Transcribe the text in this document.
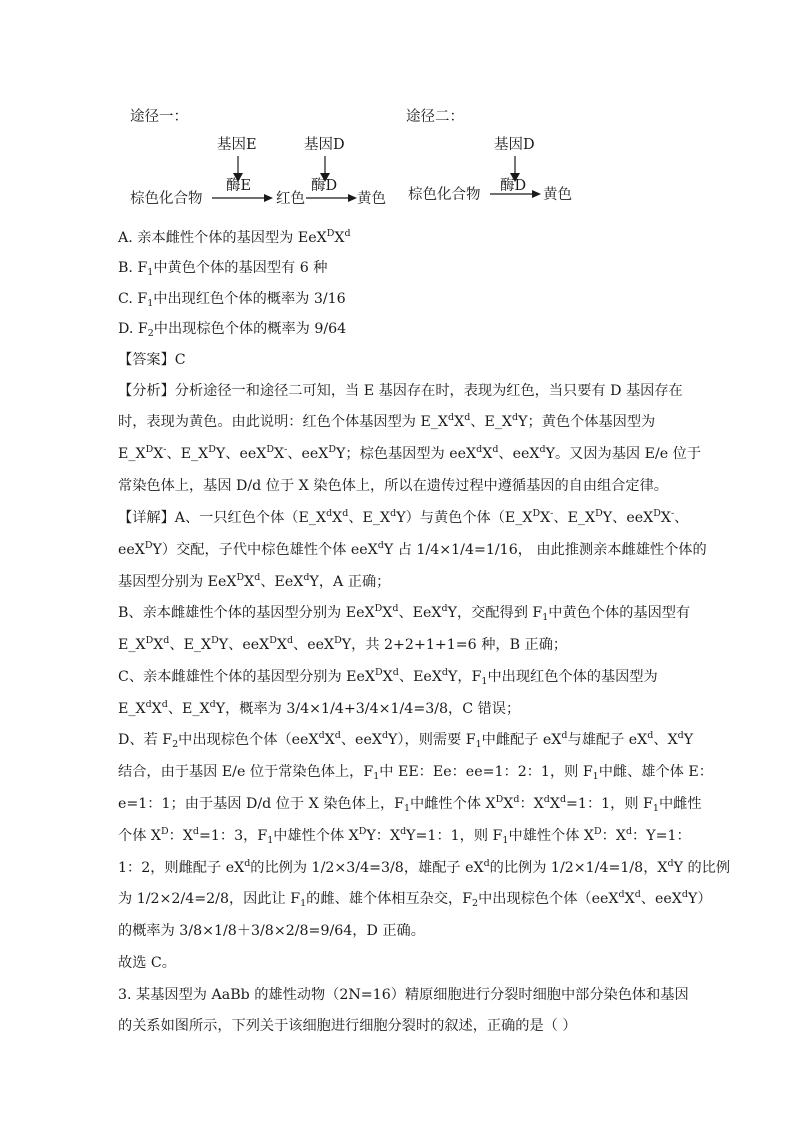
途径一：
基因E	基因D
酶E	酶D
棕色化合物	红色	黄色
途径二：
基因D
酶D
棕色化合物	黄色
A. 亲本雌性个体的基因型为 $EeX^DX^d$
B. $F_1$中黄色个体的基因型有 6 种
C. $F_1$中出现红色个体的概率为 3/16
D. $F_2$中出现棕色个体的概率为 9/64
【答案】C
【分析】分析途径一和途径二可知，当 E 基因存在时，表现为红色，当只要有 D 基因存在
时，表现为黄色。由此说明：红色个体基因型为 $E\_X^dX^d$、$E\_X^dY$；黄色个体基因型为
$E\_X^DX^-$、$E\_X^DY$、eeX$^D$X-、eeX$^D$Y；棕色基因型为 $eeX^dX^d$、eeX$^d$Y。又因为基因 E/e 位于
常染色体上，基因 D/d 位于 X 染色体上，所以在遗传过程中遵循基因的自由组合定律。
【详解】A、一只红色个体（$E\_X^dX^d$、$E\_X^dY$）与黄色个体（$E\_X^DX^-$、$E\_X^DY$、eeX$^D$X-、
eeX$^D$Y）交配，子代中棕色雄性个体 eeX$^d$Y 占 1/4×1/4=1/16， 由此推测亲本雌雄性个体的
基因型分别为 $EeX^DX^d$、EeX$^d$Y，A 正确；
B、亲本雌雄性个体的基因型分别为 $EeX^DX^d$、EeX$^d$Y，交配得到 $F_1$中黄色个体的基因型有
$E\_X^DX^d$、$E\_X^DY$、$eeX^DX^d$、eeX$^D$Y，共 2+2+1+1=6 种，B 正确；
C、亲本雌雄性个体的基因型分别为 $EeX^DX^d$、EeX$^d$Y，$F_1$中出现红色个体的基因型为
$E\_X^dX^d$、$E\_X^dY$，概率为 3/4×1/4+3/4×1/4=3/8，C 错误；
D、若 $F_2$中出现棕色个体（$eeX^dX^d$、eeX$^d$Y），则需要 $F_1$中雌配子 $eX^d$与雄配子 $eX^d$、$X^dY$
结合，由于基因 E/e 位于常染色体上，$F_1$中 EE：Ee：ee=1：2：1，则 $F_1$中雌、雄个体 E：
e=1：1；由于基因 D/d 位于 X 染色体上，$F_1$中雌性个体 $X^DX^d$：$X^dX^d=1$：1，则 $F_1$中雌性
个体 $X^D$：$X^d=1$：3，$F_1$中雄性个体 $X^DY$：$X^dY=1$：1，则 $F_1$中雄性个体 $X^D$：$X^d$：Y=1：
1：2，则雌配子 $eX^d$的比例为 1/2×3/4=3/8，雄配子 $eX^d$的比例为 1/2×1/4=1/8，$X^dY$ 的比例
为 1/2×2/4=2/8，因此让 $F_1$的雌、雄个体相互杂交，$F_2$中出现棕色个体（$eeX^dX^d$、eeX$^d$Y）
的概率为 3/8×1/8＋3/8×2/8=9/64，D 正确。
故选 C。
3. 某基因型为 AaBb 的雄性动物（2N=16）精原细胞进行分裂时细胞中部分染色体和基因
的关系如图所示，下列关于该细胞进行细胞分裂时的叙述，正确的是（ ）
